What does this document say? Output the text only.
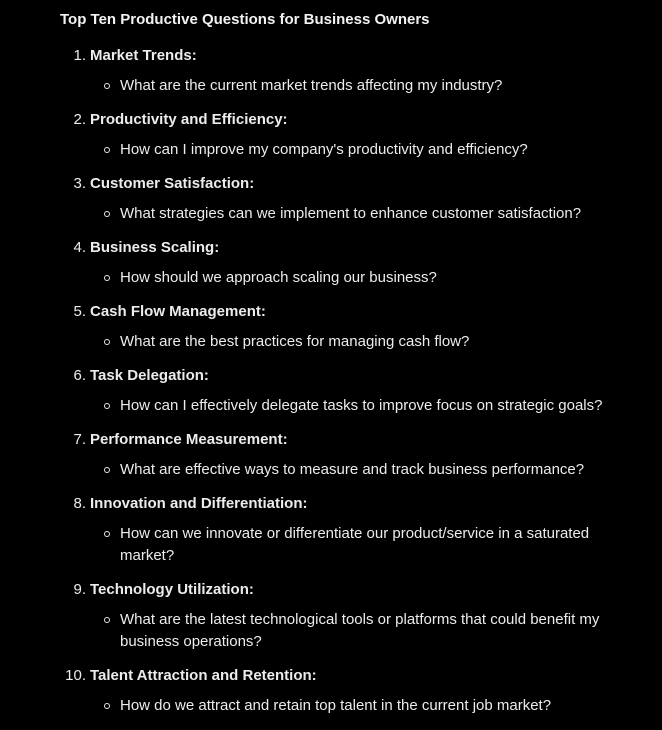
Top Ten Productive Questions for Business Owners
1. Market Trends:
What are the current market trends affecting my industry?
2. Productivity and Efficiency:
How can I improve my company's productivity and efficiency?
3. Customer Satisfaction:
What strategies can we implement to enhance customer satisfaction?
4. Business Scaling:
How should we approach scaling our business?
5. Cash Flow Management:
What are the best practices for managing cash flow?
6. Task Delegation:
How can I effectively delegate tasks to improve focus on strategic goals?
7. Performance Measurement:
What are effective ways to measure and track business performance?
8. Innovation and Differentiation:
How can we innovate or differentiate our product/service in a saturated market?
9. Technology Utilization:
What are the latest technological tools or platforms that could benefit my business operations?
10. Talent Attraction and Retention:
How do we attract and retain top talent in the current job market?
